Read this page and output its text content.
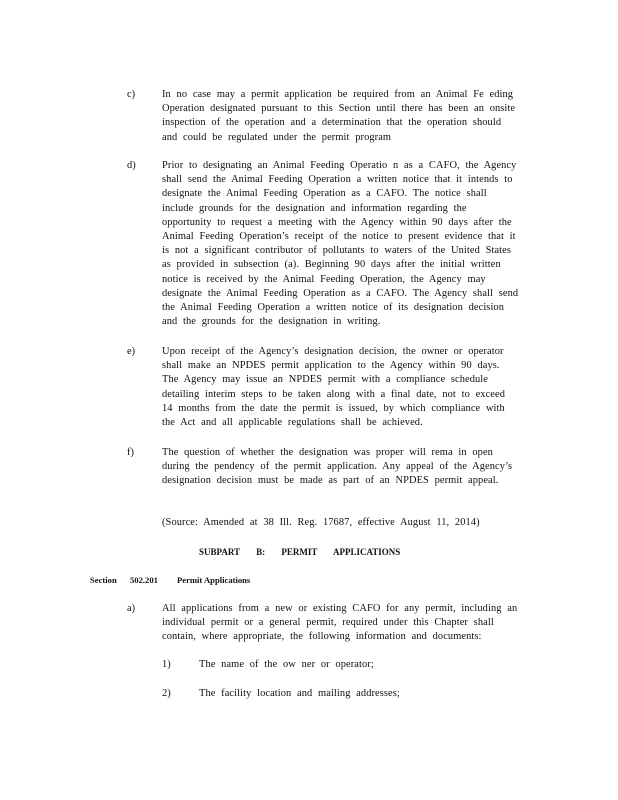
c)	In no case may a permit application be required from an Animal Fe eding Operation designated pursuant to this Section until there has been an onsite inspection of the operation and a determination that the operation should and could be regulated under the permit program
d)	Prior to designating an Animal Feeding Operatio n as a CAFO, the Agency shall send the Animal Feeding Operation a written notice that it intends to designate the Animal Feeding Operation as a CAFO. The notice shall include grounds for the designation and information regarding the opportunity to request a meeting with the Agency within 90 days after the Animal Feeding Operation’s receipt of the notice to present evidence that it is not a significant contributor of pollutants to waters of the United States as provided in subsection (a). Beginning 90 days after the initial written notice is received by the Animal Feeding Operation, the Agency may designate the Animal Feeding Operation as a CAFO. The Agency shall send the Animal Feeding Operation a written notice of its designation decision and the grounds for the designation in writing.
e)	Upon receipt of the Agency’s designation decision, the owner or operator shall make an NPDES permit application to the Agency within 90 days. The Agency may issue an NPDES permit with a compliance schedule detailing interim steps to be taken along with a final date, not to exceed 14 months from the date the permit is issued, by which compliance with the Act and all applicable regulations shall be achieved.
f)	The question of whether the designation was proper will rema in open during the pendency of the permit application. Any appeal of the Agency’s designation decision must be made as part of an NPDES permit appeal.
(Source: Amended at 38 Ill. Reg. 17687, effective August 11, 2014)
SUBPART B: PERMIT APPLICATIONS
Section 502.201 Permit Applications
a)	All applications from a new or existing CAFO for any permit, including an individual permit or a general permit, required under this Chapter shall contain, where appropriate, the following information and documents:
1)	The name of the ow ner or operator;
2)	The facility location and mailing addresses;
